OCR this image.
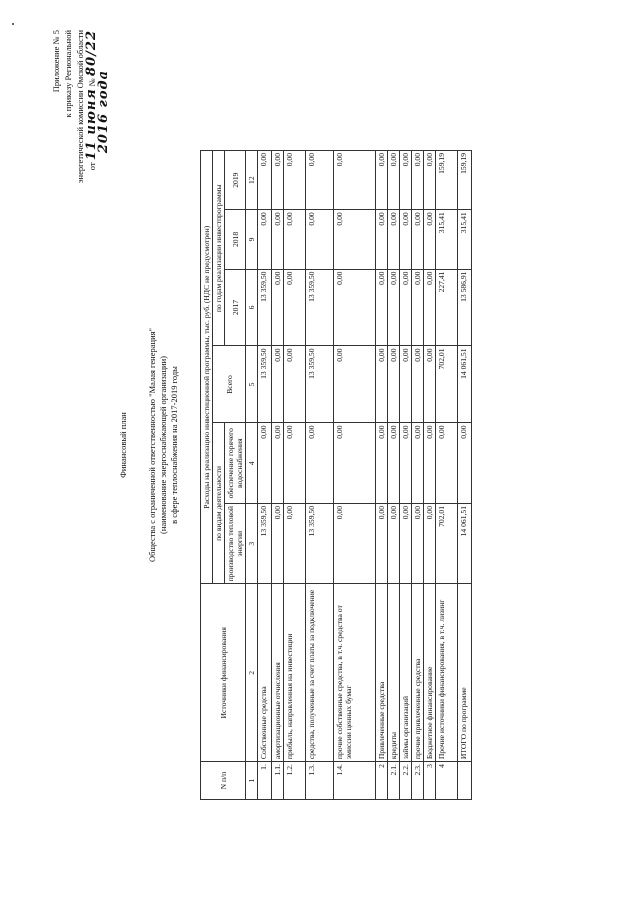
Приложение № 5 к приказу Региональной энергетической комиссии Омской области от 11 июня № 80/22
2016 года
Финансовый план Общества с ограниченной ответственностью "Малая генерация" (наименование энергоснабжающей организации) в сфере теплоснабжения на 2017-2019 годы
N п/п	Источники финансирования	Расходы на реализацию инвестиционной программы, тыс. руб. (НДС не предусмотрен)					
		по видам деятельности		Всего	по годам реализации инвестпрограммы		
		производство тепловой энергии	обеспечение горячего водоснабжения		2017	2018	2019
1	2	3	4	5	6	9	12
1.	Собственные средства	13 359,50	0,00	13 359,50	13 359,50	0,00	0,00
1.1.	амортизационные отчисления	0,00	0,00	0,00	0,00	0,00	0,00
1.2.	прибыль, направленная на инвестиции	0,00	0,00	0,00	0,00	0,00	0,00
1.3.	средства, полученные за счет платы за подключение	13 359,50	0,00	13 359,50	13 359,50	0,00	0,00
1.4.	прочие собственные средства, в т.ч. средства от эмиссии ценных бумаг	0,00	0,00	0,00	0,00	0,00	0,00
2	Привлеченные средства	0,00	0,00	0,00	0,00	0,00	0,00
2.1.	кредиты	0,00	0,00	0,00	0,00	0,00	0,00
2.2.	займы организаций	0,00	0,00	0,00	0,00	0,00	0,00
2.3.	прочие привлеченные средства	0,00	0,00	0,00	0,00	0,00	0,00
3	Бюджетное финансирование	0,00	0,00	0,00	0,00	0,00	0,00
4	Прочие источники финансирования, в т.ч. лизинг	702,01	0,00	702,01	227,41	315,41	159,19
	ИТОГО по программе	14 061,51	0,00	14 061,51	13 586,91	315,41	159,19
